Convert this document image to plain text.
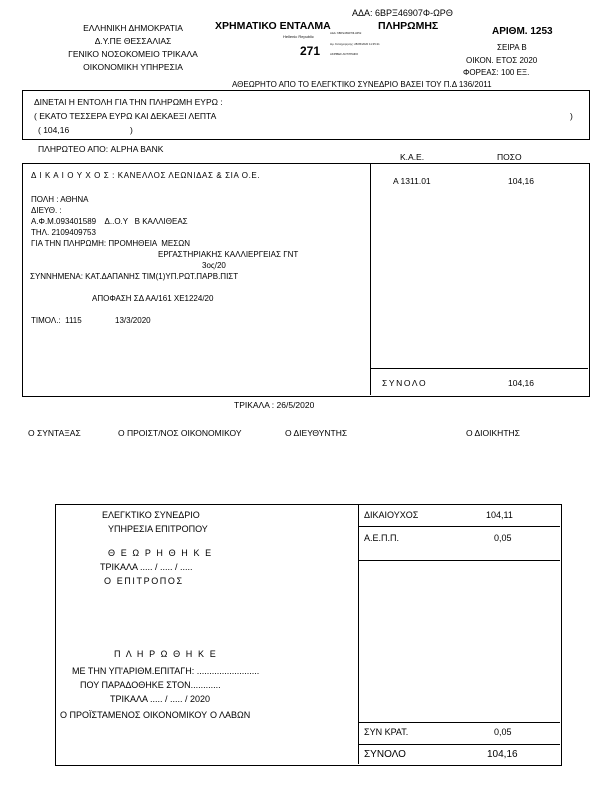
ΑΔΑ: 6ΒΡΞ46907Φ-ΩΡΘ
ΕΛΛΗΝΙΚΗ ΔΗΜΟΚΡΑΤΙΑ
Δ.Υ.ΠΕ ΘΕΣΣΑΛΙΑΣ
ΓΕΝΙΚΟ ΝΟΣΟΚΟΜΕΙΟ ΤΡΙΚΑΛΑ
ΟΙΚΟΝΟΜΙΚΗ ΥΠΗΡΕΣΙΑ
ΧΡΗΜΑΤΙΚΟ ΕΝΤΑΛΜΑ	ΠΛΗΡΩΜΗΣ	ΑΡΙΘΜ. 1253
ΣΕΙΡΑ Β
ΟΙΚΟΝ. ΕΤΟΣ 2020
ΦΟΡΕΑΣ: 100 ΕΞ.
271
Hellenic Republic
ΑΔΑ: 6ΒΡΞ46907Φ-ΩΡΘ
Ημ. Καταχώρησης: 28/05/2020 11:35:21
ΑΚΡΙΒΕΣ ΑΝΤΙΓΡΑΦΟ
ΑΘΕΩΡΗΤΟ ΑΠΟ ΤΟ ΕΛΕΓΚΤΙΚΟ ΣΥΝΕΔΡΙΟ ΒΑΣΕΙ ΤΟΥ Π.Δ 136/2011
ΔΙΝΕΤΑΙ Η ΕΝΤΟΛΗ ΓΙΑ ΤΗΝ ΠΛΗΡΩΜΗ ΕΥΡΩ :
( ΕΚΑΤΟ ΤΕΣΣΕΡΑ ΕΥΡΩ ΚΑΙ ΔΕΚΑΕΞΙ ΛΕΠΤΑ	)
( 104,16	)
ΠΛΗΡΩΤΕΟ ΑΠΟ: ALPHA BANK
Κ.Α.Ε.	ΠΟΣΟ
Δ Ι Κ Α Ι Ο Υ Χ Ο Σ : ΚΑΝΕΛΛΟΣ ΛΕΩΝΙΔΑΣ & ΣΙΑ Ο.Ε.
ΠΟΛΗ : ΑΘΗΝΑ
ΔΙΕΥΘ. :
Α.Φ.Μ.093401589    Δ..Ο.Υ   Β ΚΑΛΛΙΘΕΑΣ
ΤΗΛ. 2109409753
ΓΙΑ ΤΗΝ ΠΛΗΡΩΜΗ: ΠΡΟΜΗΘΕΙΑ  ΜΕΣΩΝ
ΕΡΓΑΣΤΗΡΙΑΚΗΣ ΚΑΛΛΙΕΡΓΕΙΑΣ ΓΝΤ
3ος/20
ΣΥΝΝΗΜΕΝΑ: ΚΑΤ.ΔΑΠΑΝΗΣ ΤΙΜ(1)ΥΠ.ΡΩΤ.ΠΑΡΒ.ΠΙΣΤ
ΑΠΟΦΑΣΗ ΣΔ ΑΑ/161 ΧΕ1224/20
ΤΙΜΟΛ.:  1115	13/3/2020
Α 1311.01	104,16
ΣΥΝΟΛΟ	104,16
ΤΡΙΚΑΛΑ : 26/5/2020
Ο ΣΥΝΤΑΞΑΣ	Ο ΠΡΟΙΣΤ/ΝΟΣ ΟΙΚΟΝΟΜΙΚΟΥ	Ο ΔΙΕΥΘΥΝΤΗΣ	Ο ΔΙΟΙΚΗΤΗΣ
ΔΙΚΑΙΟΥΧΟΣ	104,11
Α.Ε.Π.Π.	0,05
ΣΥΝ ΚΡΑΤ.	0,05
ΣΥΝΟΛΟ	104,16
ΕΛΕΓΚΤΙΚΟ ΣΥΝΕΔΡΙΟ
ΥΠΗΡΕΣΙΑ ΕΠΙΤΡΟΠΟΥ
Θ Ε Ω Ρ Η Θ Η Κ Ε
ΤΡΙΚΑΛΑ ..... / ..... / .....
Ο ΕΠΙΤΡΟΠΟΣ
Π Λ Η Ρ Ω Θ Η Κ Ε
ΜΕ ΤΗΝ ΥΠ'ΑΡΙΘΜ.ΕΠΙΤΑΓΗ: .........................
ΠΟΥ ΠΑΡΑΔΟΘΗΚΕ ΣΤΟΝ............
ΤΡΙΚΑΛΑ ..... / ..... / 2020
Ο ΠΡΟΪΣΤΑΜΕΝΟΣ ΟΙΚΟΝΟΜΙΚΟΥ Ο ΛΑΒΩΝ
